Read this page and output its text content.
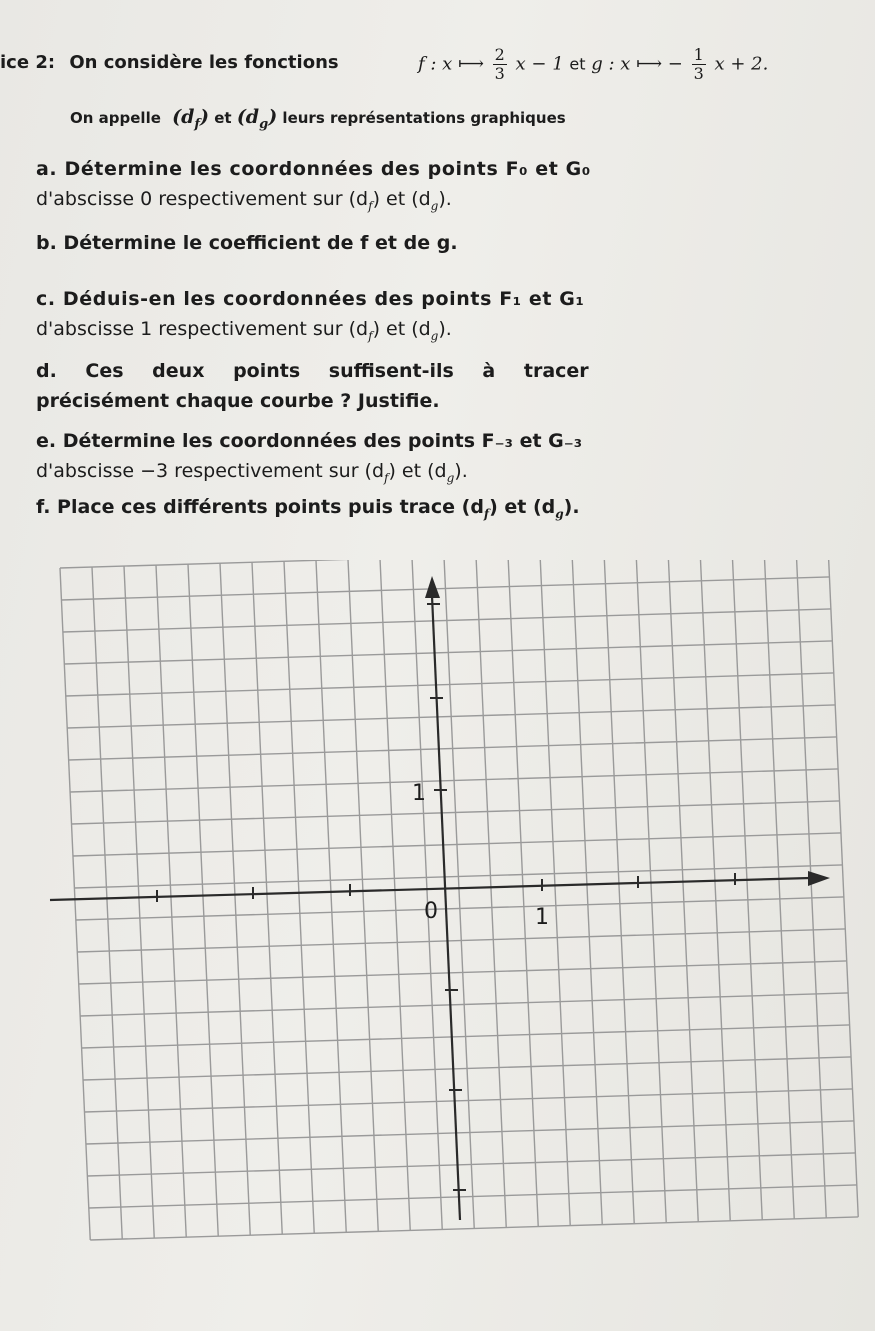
ice 2: On considère les fonctions	f : x ⟼ $\frac{2}{3}$ x − 1 et g : x ⟼ − $\frac{1}{3}$ x + 2.
On appelle $(d_f)$ et $(d_g)$ leurs représentations graphiques
a. Détermine les coordonnées des points F₀ et G₀
d'abscisse 0 respectivement sur $(d_f)$ et $(d_g)$.
b. Détermine le coefficient de f et de g.
c. Déduis-en les coordonnées des points F₁ et G₁
d'abscisse 1 respectivement sur $(d_f)$ et $(d_g)$.
d. Ces deux points suffisent-ils à tracer
précisément chaque courbe ? Justifie.
e. Détermine les coordonnées des points F₋₃ et G₋₃
d'abscisse −3 respectivement sur $(d_f)$ et $(d_g)$.
f. Place ces différents points puis trace $(d_f)$ et $(d_g)$.
0	1
1
